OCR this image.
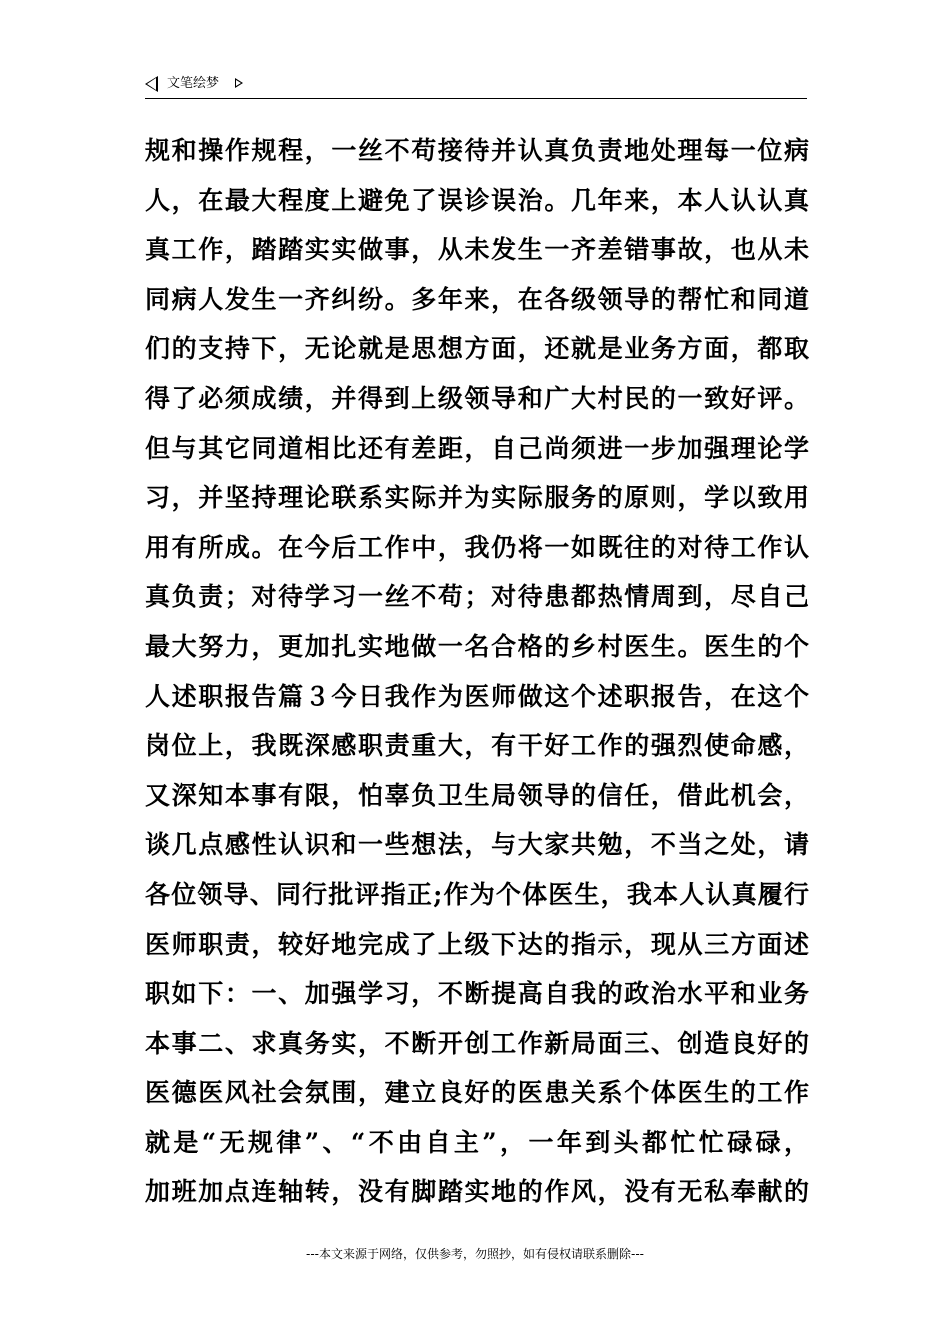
文笔绘梦
规和操作规程，一丝不苟接待并认真负责地处理每一位病
人，在最大程度上避免了误诊误治。几年来，本人认认真
真工作，踏踏实实做事，从未发生一齐差错事故，也从未
同病人发生一齐纠纷。多年来，在各级领导的帮忙和同道
们的支持下，无论就是思想方面，还就是业务方面，都取
得了必须成绩，并得到上级领导和广大村民的一致好评。
但与其它同道相比还有差距，自己尚须进一步加强理论学
习，并坚持理论联系实际并为实际服务的原则，学以致用
用有所成。在今后工作中，我仍将一如既往的对待工作认
真负责；对待学习一丝不苟；对待患都热情周到，尽自己
最大努力，更加扎实地做一名合格的乡村医生。医生的个
人述职报告篇３今日我作为医师做这个述职报告，在这个
岗位上，我既深感职责重大，有干好工作的强烈使命感，
又深知本事有限，怕辜负卫生局领导的信任，借此机会，
谈几点感性认识和一些想法，与大家共勉，不当之处，请
各位领导、同行批评指正;作为个体医生，我本人认真履行
医师职责，较好地完成了上级下达的指示，现从三方面述
职如下：一、加强学习，不断提高自我的政治水平和业务
本事二、求真务实，不断开创工作新局面三、创造良好的
医德医风社会氛围，建立良好的医患关系个体医生的工作
就是“无规律”、“不由自主”，一年到头都忙忙碌碌，
加班加点连轴转，没有脚踏实地的作风，没有无私奉献的
---本文来源于网络，仅供参考，勿照抄，如有侵权请联系删除---
